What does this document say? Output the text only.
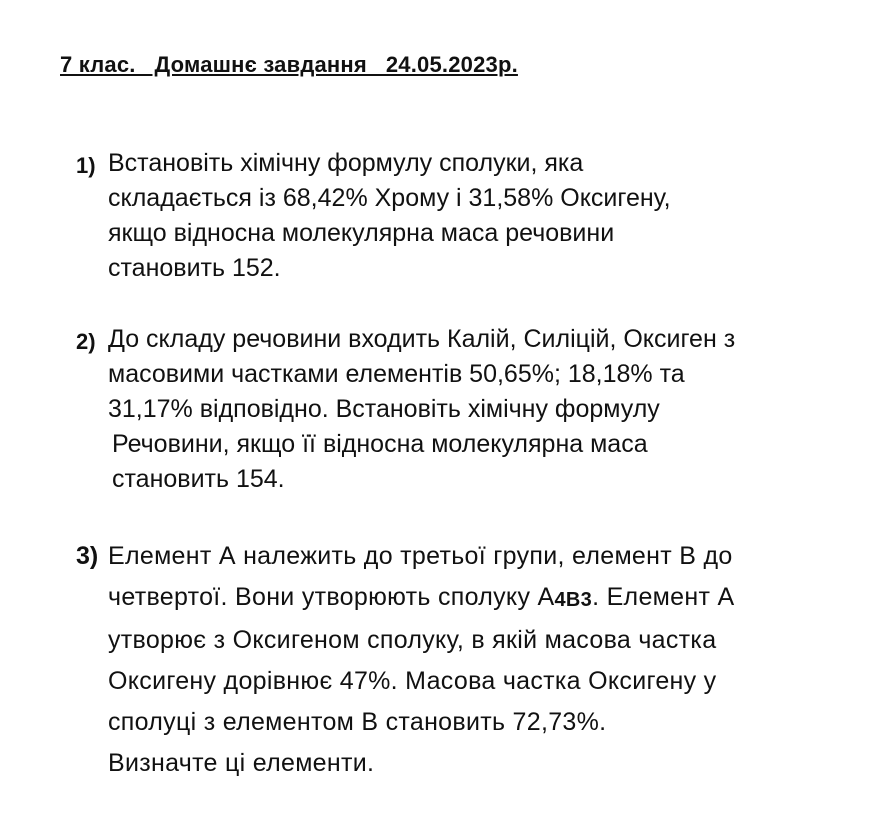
7 клас.   Домашнє завдання   24.05.2023р.
1) Встановіть хімічну формулу сполуки, яка
складається із 68,42% Хрому і 31,58% Оксигену,
якщо відносна молекулярна маса речовини
становить 152.
2) До складу речовини входить Калій, Силіцій, Оксиген з
масовими частками елементів 50,65%; 18,18% та
31,17% відповідно. Встановіть хімічну формулу
Речовини, якщо її відносна молекулярна маса
становить 154.
3) Елемент А належить до третьої групи, елемент В до
четвертої. Вони утворюють сполуку А4В3. Елемент А
утворює з Оксигеном сполуку, в якій масова частка
Оксигену дорівнює 47%. Масова частка Оксигену у
сполуці з елементом В становить 72,73%.
Визначте ці елементи.
